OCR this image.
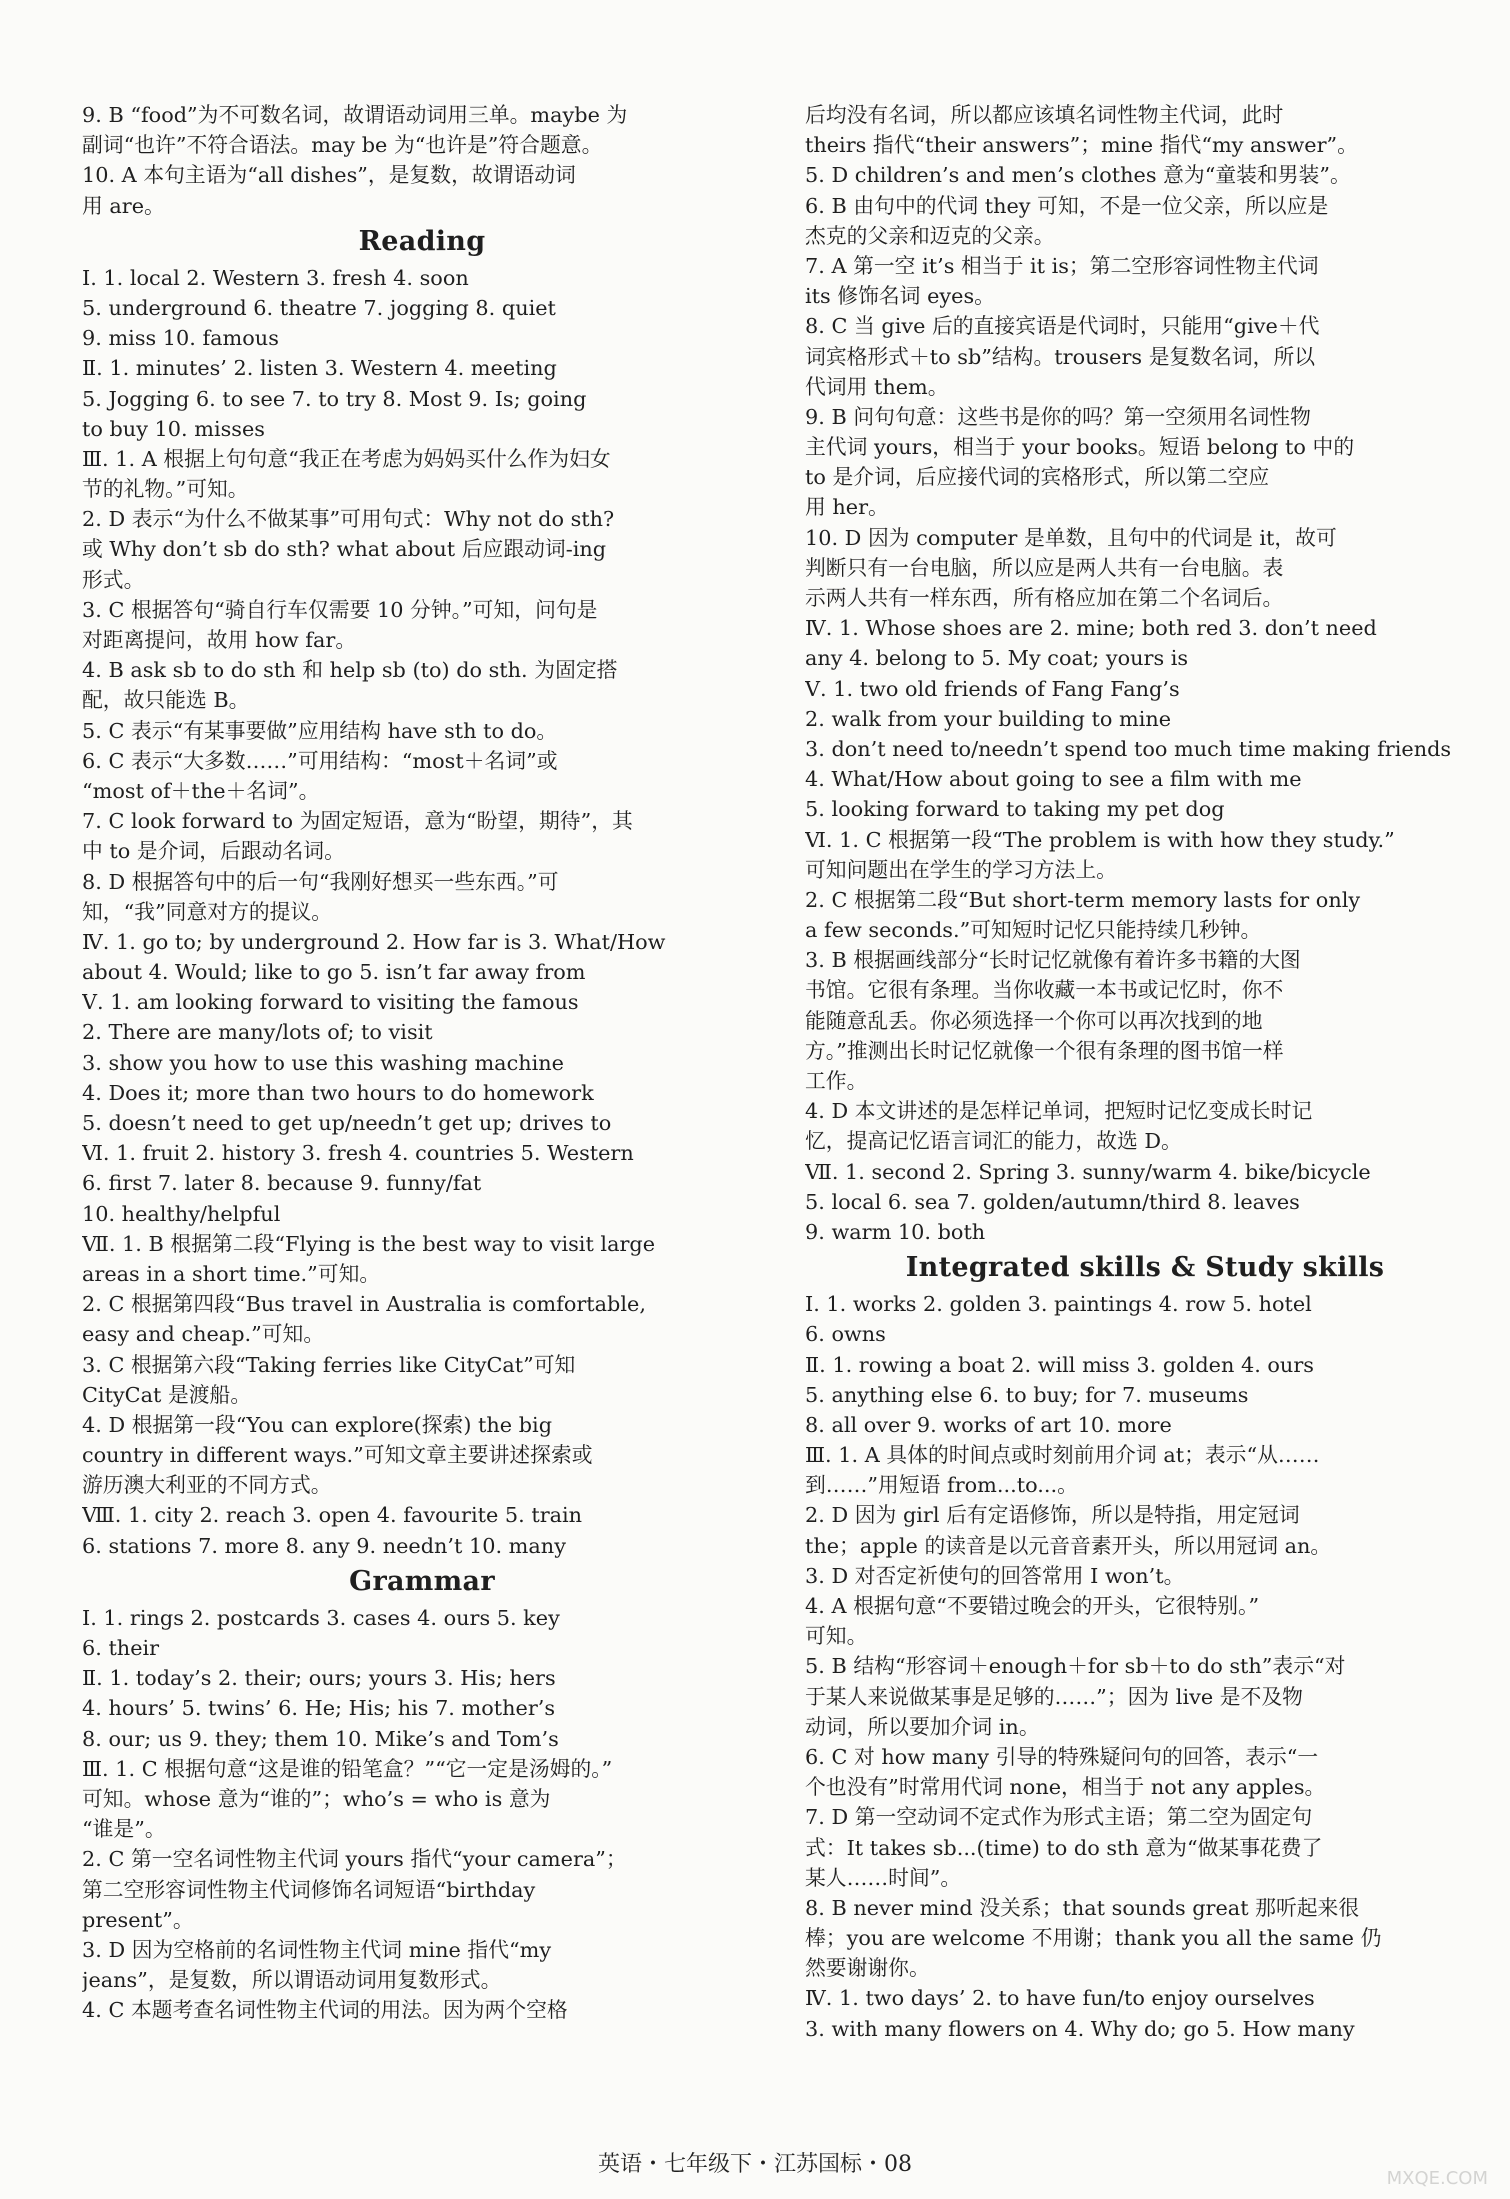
9. B “food”为不可数名词，故谓语动词用三单。maybe 为
副词“也许”不符合语法。may be 为“也许是”符合题意。
10. A 本句主语为“all dishes”，是复数，故谓语动词
用 are。
Reading
Ⅰ. 1. local 2. Western 3. fresh 4. soon
5. underground 6. theatre 7. jogging 8. quiet
9. miss 10. famous
Ⅱ. 1. minutes’ 2. listen 3. Western 4. meeting
5. Jogging 6. to see 7. to try 8. Most 9. Is; going
to buy 10. misses
Ⅲ. 1. A 根据上句句意“我正在考虑为妈妈买什么作为妇女
节的礼物。”可知。
2. D 表示“为什么不做某事”可用句式：Why not do sth?
或 Why don’t sb do sth? what about 后应跟动词-ing
形式。
3. C 根据答句“骑自行车仅需要 10 分钟。”可知，问句是
对距离提问，故用 how far。
4. B ask sb to do sth 和 help sb (to) do sth. 为固定搭
配，故只能选 B。
5. C 表示“有某事要做”应用结构 have sth to do。
6. C 表示“大多数……”可用结构：“most＋名词”或
“most of＋the＋名词”。
7. C look forward to 为固定短语，意为“盼望，期待”，其
中 to 是介词，后跟动名词。
8. D 根据答句中的后一句“我刚好想买一些东西。”可
知，“我”同意对方的提议。
Ⅳ. 1. go to; by underground 2. How far is 3. What/How
about 4. Would; like to go 5. isn’t far away from
Ⅴ. 1. am looking forward to visiting the famous
2. There are many/lots of; to visit
3. show you how to use this washing machine
4. Does it; more than two hours to do homework
5. doesn’t need to get up/needn’t get up; drives to
Ⅵ. 1. fruit 2. history 3. fresh 4. countries 5. Western
6. first 7. later 8. because 9. funny/fat
10. healthy/helpful
Ⅶ. 1. B 根据第二段“Flying is the best way to visit large
areas in a short time.”可知。
2. C 根据第四段“Bus travel in Australia is comfortable,
easy and cheap.”可知。
3. C 根据第六段“Taking ferries like CityCat”可知
CityCat 是渡船。
4. D 根据第一段“You can explore(探索) the big
country in different ways.”可知文章主要讲述探索或
游历澳大利亚的不同方式。
Ⅷ. 1. city 2. reach 3. open 4. favourite 5. train
6. stations 7. more 8. any 9. needn’t 10. many
Grammar
Ⅰ. 1. rings 2. postcards 3. cases 4. ours 5. key
6. their
Ⅱ. 1. today’s 2. their; ours; yours 3. His; hers
4. hours’ 5. twins’ 6. He; His; his 7. mother’s
8. our; us 9. they; them 10. Mike’s and Tom’s
Ⅲ. 1. C 根据句意“这是谁的铅笔盒？”“它一定是汤姆的。”
可知。whose 意为“谁的”；who’s = who is 意为
“谁是”。
2. C 第一空名词性物主代词 yours 指代“your camera”；
第二空形容词性物主代词修饰名词短语“birthday
present”。
3. D 因为空格前的名词性物主代词 mine 指代“my
jeans”，是复数，所以谓语动词用复数形式。
4. C 本题考查名词性物主代词的用法。因为两个空格
后均没有名词，所以都应该填名词性物主代词，此时
theirs 指代“their answers”；mine 指代“my answer”。
5. D children’s and men’s clothes 意为“童装和男装”。
6. B 由句中的代词 they 可知，不是一位父亲，所以应是
杰克的父亲和迈克的父亲。
7. A 第一空 it’s 相当于 it is；第二空形容词性物主代词
its 修饰名词 eyes。
8. C 当 give 后的直接宾语是代词时，只能用“give＋代
词宾格形式＋to sb”结构。trousers 是复数名词，所以
代词用 them。
9. B 问句句意：这些书是你的吗？第一空须用名词性物
主代词 yours，相当于 your books。短语 belong to 中的
to 是介词，后应接代词的宾格形式，所以第二空应
用 her。
10. D 因为 computer 是单数，且句中的代词是 it，故可
判断只有一台电脑，所以应是两人共有一台电脑。表
示两人共有一样东西，所有格应加在第二个名词后。
Ⅳ. 1. Whose shoes are 2. mine; both red 3. don’t need
any 4. belong to 5. My coat; yours is
Ⅴ. 1. two old friends of Fang Fang’s
2. walk from your building to mine
3. don’t need to/needn’t spend too much time making friends
4. What/How about going to see a film with me
5. looking forward to taking my pet dog
Ⅵ. 1. C 根据第一段“The problem is with how they study.”
可知问题出在学生的学习方法上。
2. C 根据第二段“But short-term memory lasts for only
a few seconds.”可知短时记忆只能持续几秒钟。
3. B 根据画线部分“长时记忆就像有着许多书籍的大图
书馆。它很有条理。当你收藏一本书或记忆时，你不
能随意乱丢。你必须选择一个你可以再次找到的地
方。”推测出长时记忆就像一个很有条理的图书馆一样
工作。
4. D 本文讲述的是怎样记单词，把短时记忆变成长时记
忆，提高记忆语言词汇的能力，故选 D。
Ⅶ. 1. second 2. Spring 3. sunny/warm 4. bike/bicycle
5. local 6. sea 7. golden/autumn/third 8. leaves
9. warm 10. both
Integrated skills & Study skills
Ⅰ. 1. works 2. golden 3. paintings 4. row 5. hotel
6. owns
Ⅱ. 1. rowing a boat 2. will miss 3. golden 4. ours
5. anything else 6. to buy; for 7. museums
8. all over 9. works of art 10. more
Ⅲ. 1. A 具体的时间点或时刻前用介词 at；表示“从……
到……”用短语 from...to...。
2. D 因为 girl 后有定语修饰，所以是特指，用定冠词
the；apple 的读音是以元音音素开头，所以用冠词 an。
3. D 对否定祈使句的回答常用 I won’t。
4. A 根据句意“不要错过晚会的开头，它很特别。”
可知。
5. B 结构“形容词＋enough＋for sb＋to do sth”表示“对
于某人来说做某事是足够的……”；因为 live 是不及物
动词，所以要加介词 in。
6. C 对 how many 引导的特殊疑问句的回答，表示“一
个也没有”时常用代词 none，相当于 not any apples。
7. D 第一空动词不定式作为形式主语；第二空为固定句
式：It takes sb...(time) to do sth 意为“做某事花费了
某人……时间”。
8. B never mind 没关系；that sounds great 那听起来很
棒；you are welcome 不用谢；thank you all the same 仍
然要谢谢你。
Ⅳ. 1. two days’ 2. to have fun/to enjoy ourselves
3. with many flowers on 4. Why do; go 5. How many
英语・七年级下・江苏国标・08
MXQE.COM
